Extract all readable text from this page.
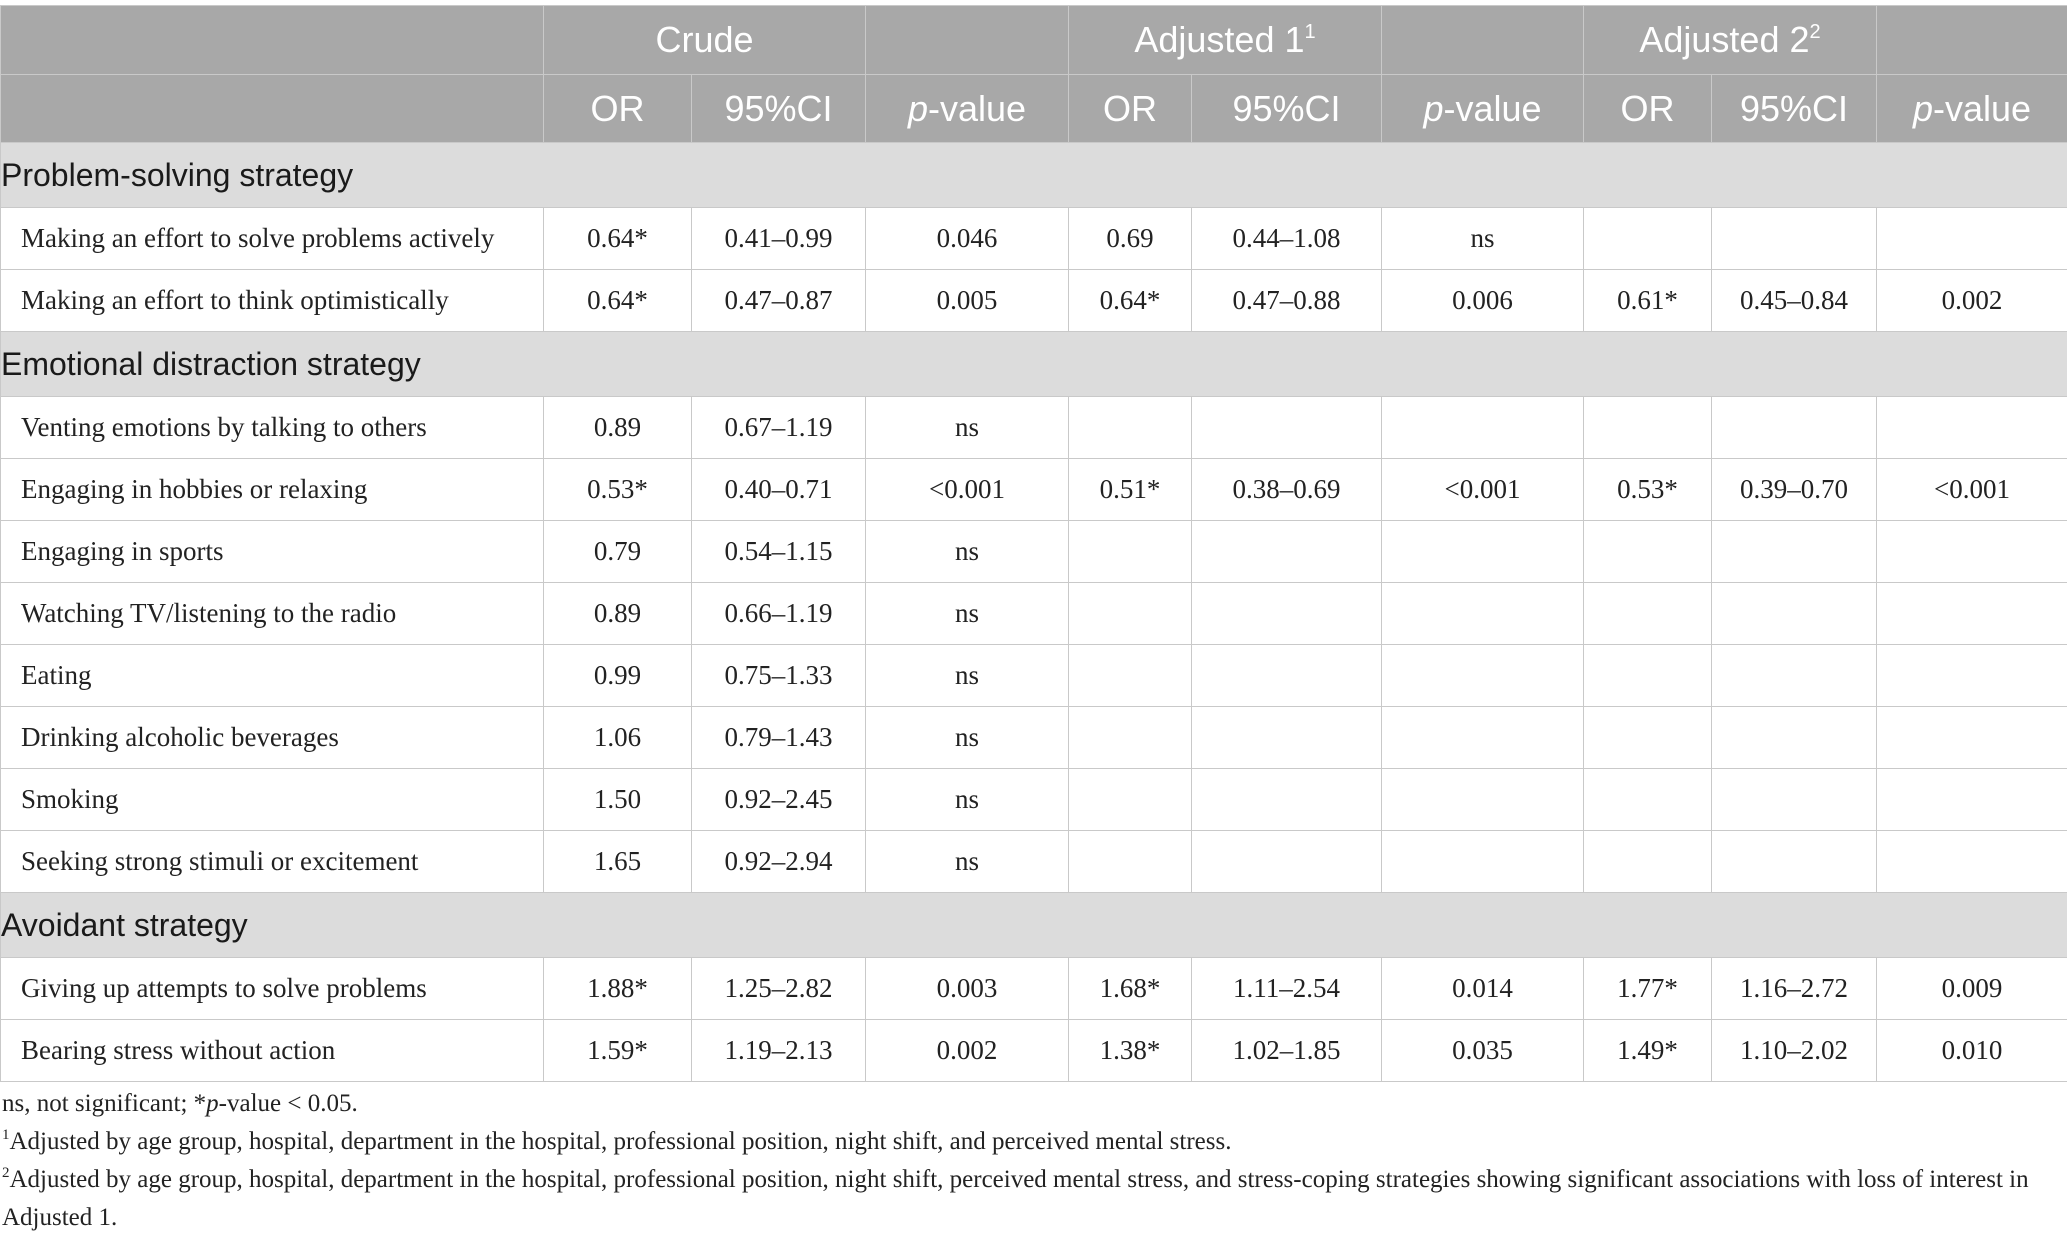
	Crude			Adjusted $1^1$			Adjusted $2^2$	
	OR	95%CI	p-value	OR	95%CI	p-value	OR	95%CI	p-value
Problem-solving strategy									
Making an effort to solve problems actively	0.64*	0.41–0.99	0.046	0.69	0.44–1.08	ns			
Making an effort to think optimistically	0.64*	0.47–0.87	0.005	0.64*	0.47–0.88	0.006	0.61*	0.45–0.84	0.002
Emotional distraction strategy									
Venting emotions by talking to others	0.89	0.67–1.19	ns						
Engaging in hobbies or relaxing	0.53*	0.40–0.71	<0.001	0.51*	0.38–0.69	<0.001	0.53*	0.39–0.70	<0.001
Engaging in sports	0.79	0.54–1.15	ns						
Watching TV/listening to the radio	0.89	0.66–1.19	ns						
Eating	0.99	0.75–1.33	ns						
Drinking alcoholic beverages	1.06	0.79–1.43	ns						
Smoking	1.50	0.92–2.45	ns						
Seeking strong stimuli or excitement	1.65	0.92–2.94	ns						
Avoidant strategy									
Giving up attempts to solve problems	1.88*	1.25–2.82	0.003	1.68*	1.11–2.54	0.014	1.77*	1.16–2.72	0.009
Bearing stress without action	1.59*	1.19–2.13	0.002	1.38*	1.02–1.85	0.035	1.49*	1.10–2.02	0.010

ns, not significant; *p-value < 0.05.

$^1$Adjusted by age group, hospital, department in the hospital, professional position, night shift, and perceived mental stress.

$^2$Adjusted by age group, hospital, department in the hospital, professional position, night shift, perceived mental stress, and stress-coping strategies showing significant associations with loss of interest in Adjusted 1.
